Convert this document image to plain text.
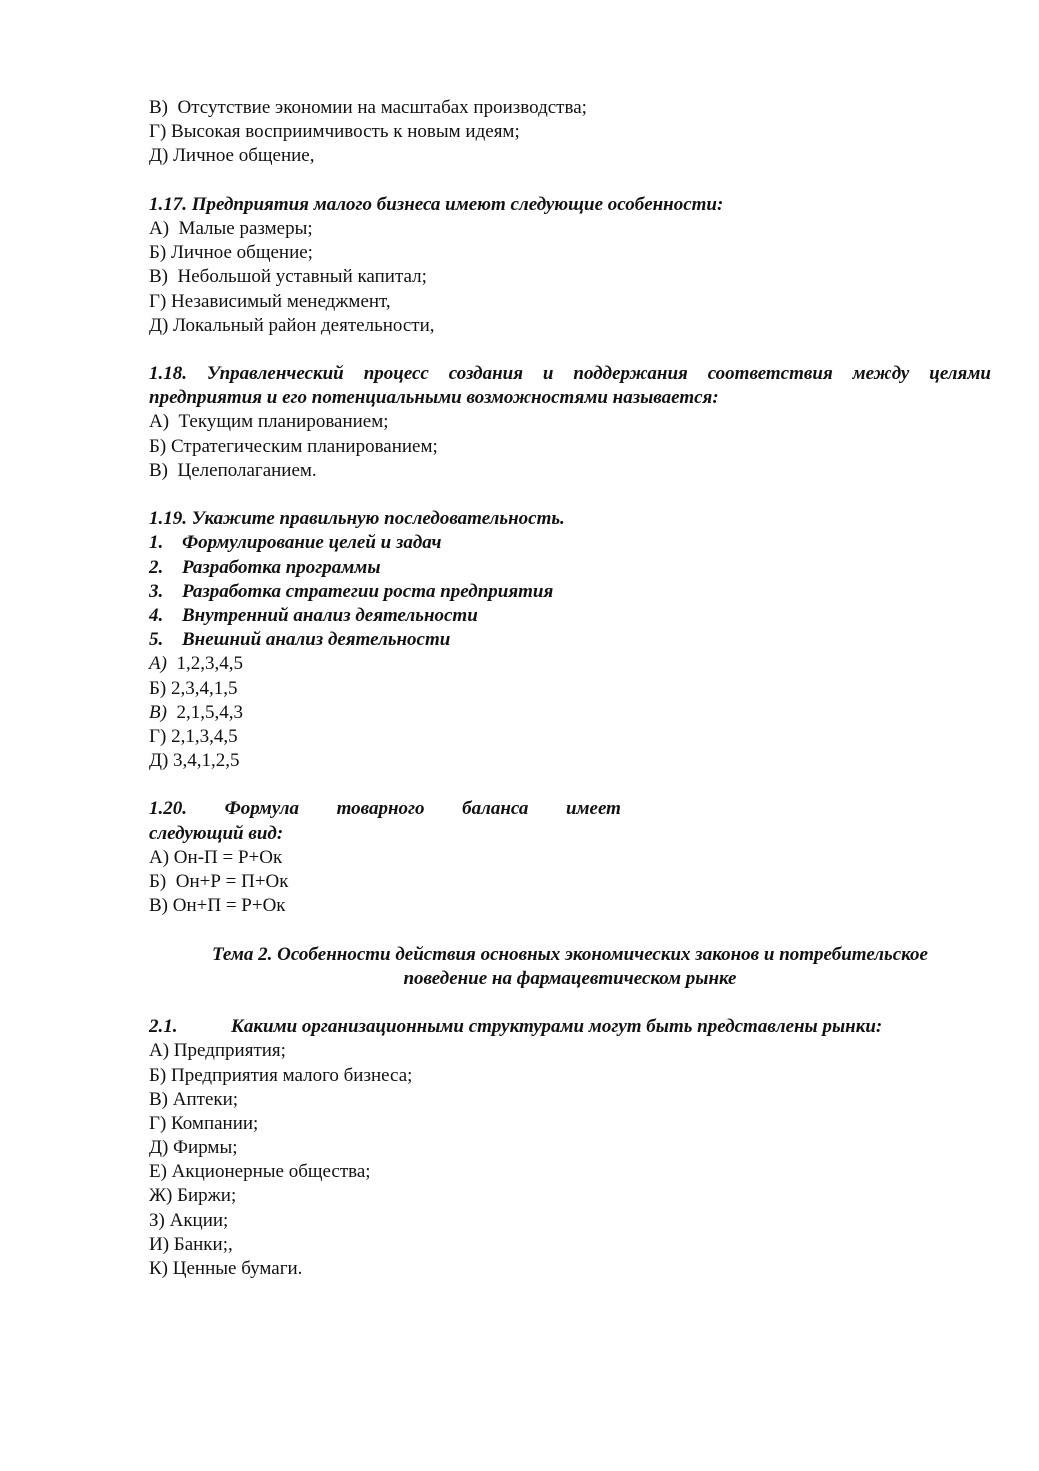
В)  Отсутствие экономии на масштабах производства;
Г) Высокая восприимчивость к новым идеям;
Д) Личное общение,
1.17. Предприятия малого бизнеса имеют следующие особенности:
А)  Малые размеры;
Б) Личное общение;
В)  Небольшой уставный капитал;
Г) Независимый менеджмент,
Д) Локальный район деятельности,
1.18. Управленческий процесс создания и поддержания соответствия между целями
предприятия и его потенциальными возможностями называется:
А)  Текущим планированием;
Б) Стратегическим планированием;
В)  Целеполаганием.
1.19. Укажите правильную последовательность.
1. Формулирование целей и задач
2. Разработка программы
3. Разработка стратегии роста предприятия
4. Внутренний анализ деятельности
5. Внешний анализ деятельности
А)  1,2,3,4,5
Б) 2,3,4,1,5
В)  2,1,5,4,3
Г) 2,1,3,4,5
Д) 3,4,1,2,5
1.20. Формула товарного баланса имеет
следующий вид:
А) Он-П = Р+Ок
Б)  Он+Р = П+Ок
В) Он+П = Р+Ок
Тема 2. Особенности действия основных экономических законов и потребительское
поведение на фармацевтическом рынке
2.1.	Какими организационными структурами могут быть представлены рынки:
А) Предприятия;
Б) Предприятия малого бизнеса;
В) Аптеки;
Г) Компании;
Д) Фирмы;
Е) Акционерные общества;
Ж) Биржи;
З) Акции;
И) Банки;,
К) Ценные бумаги.
